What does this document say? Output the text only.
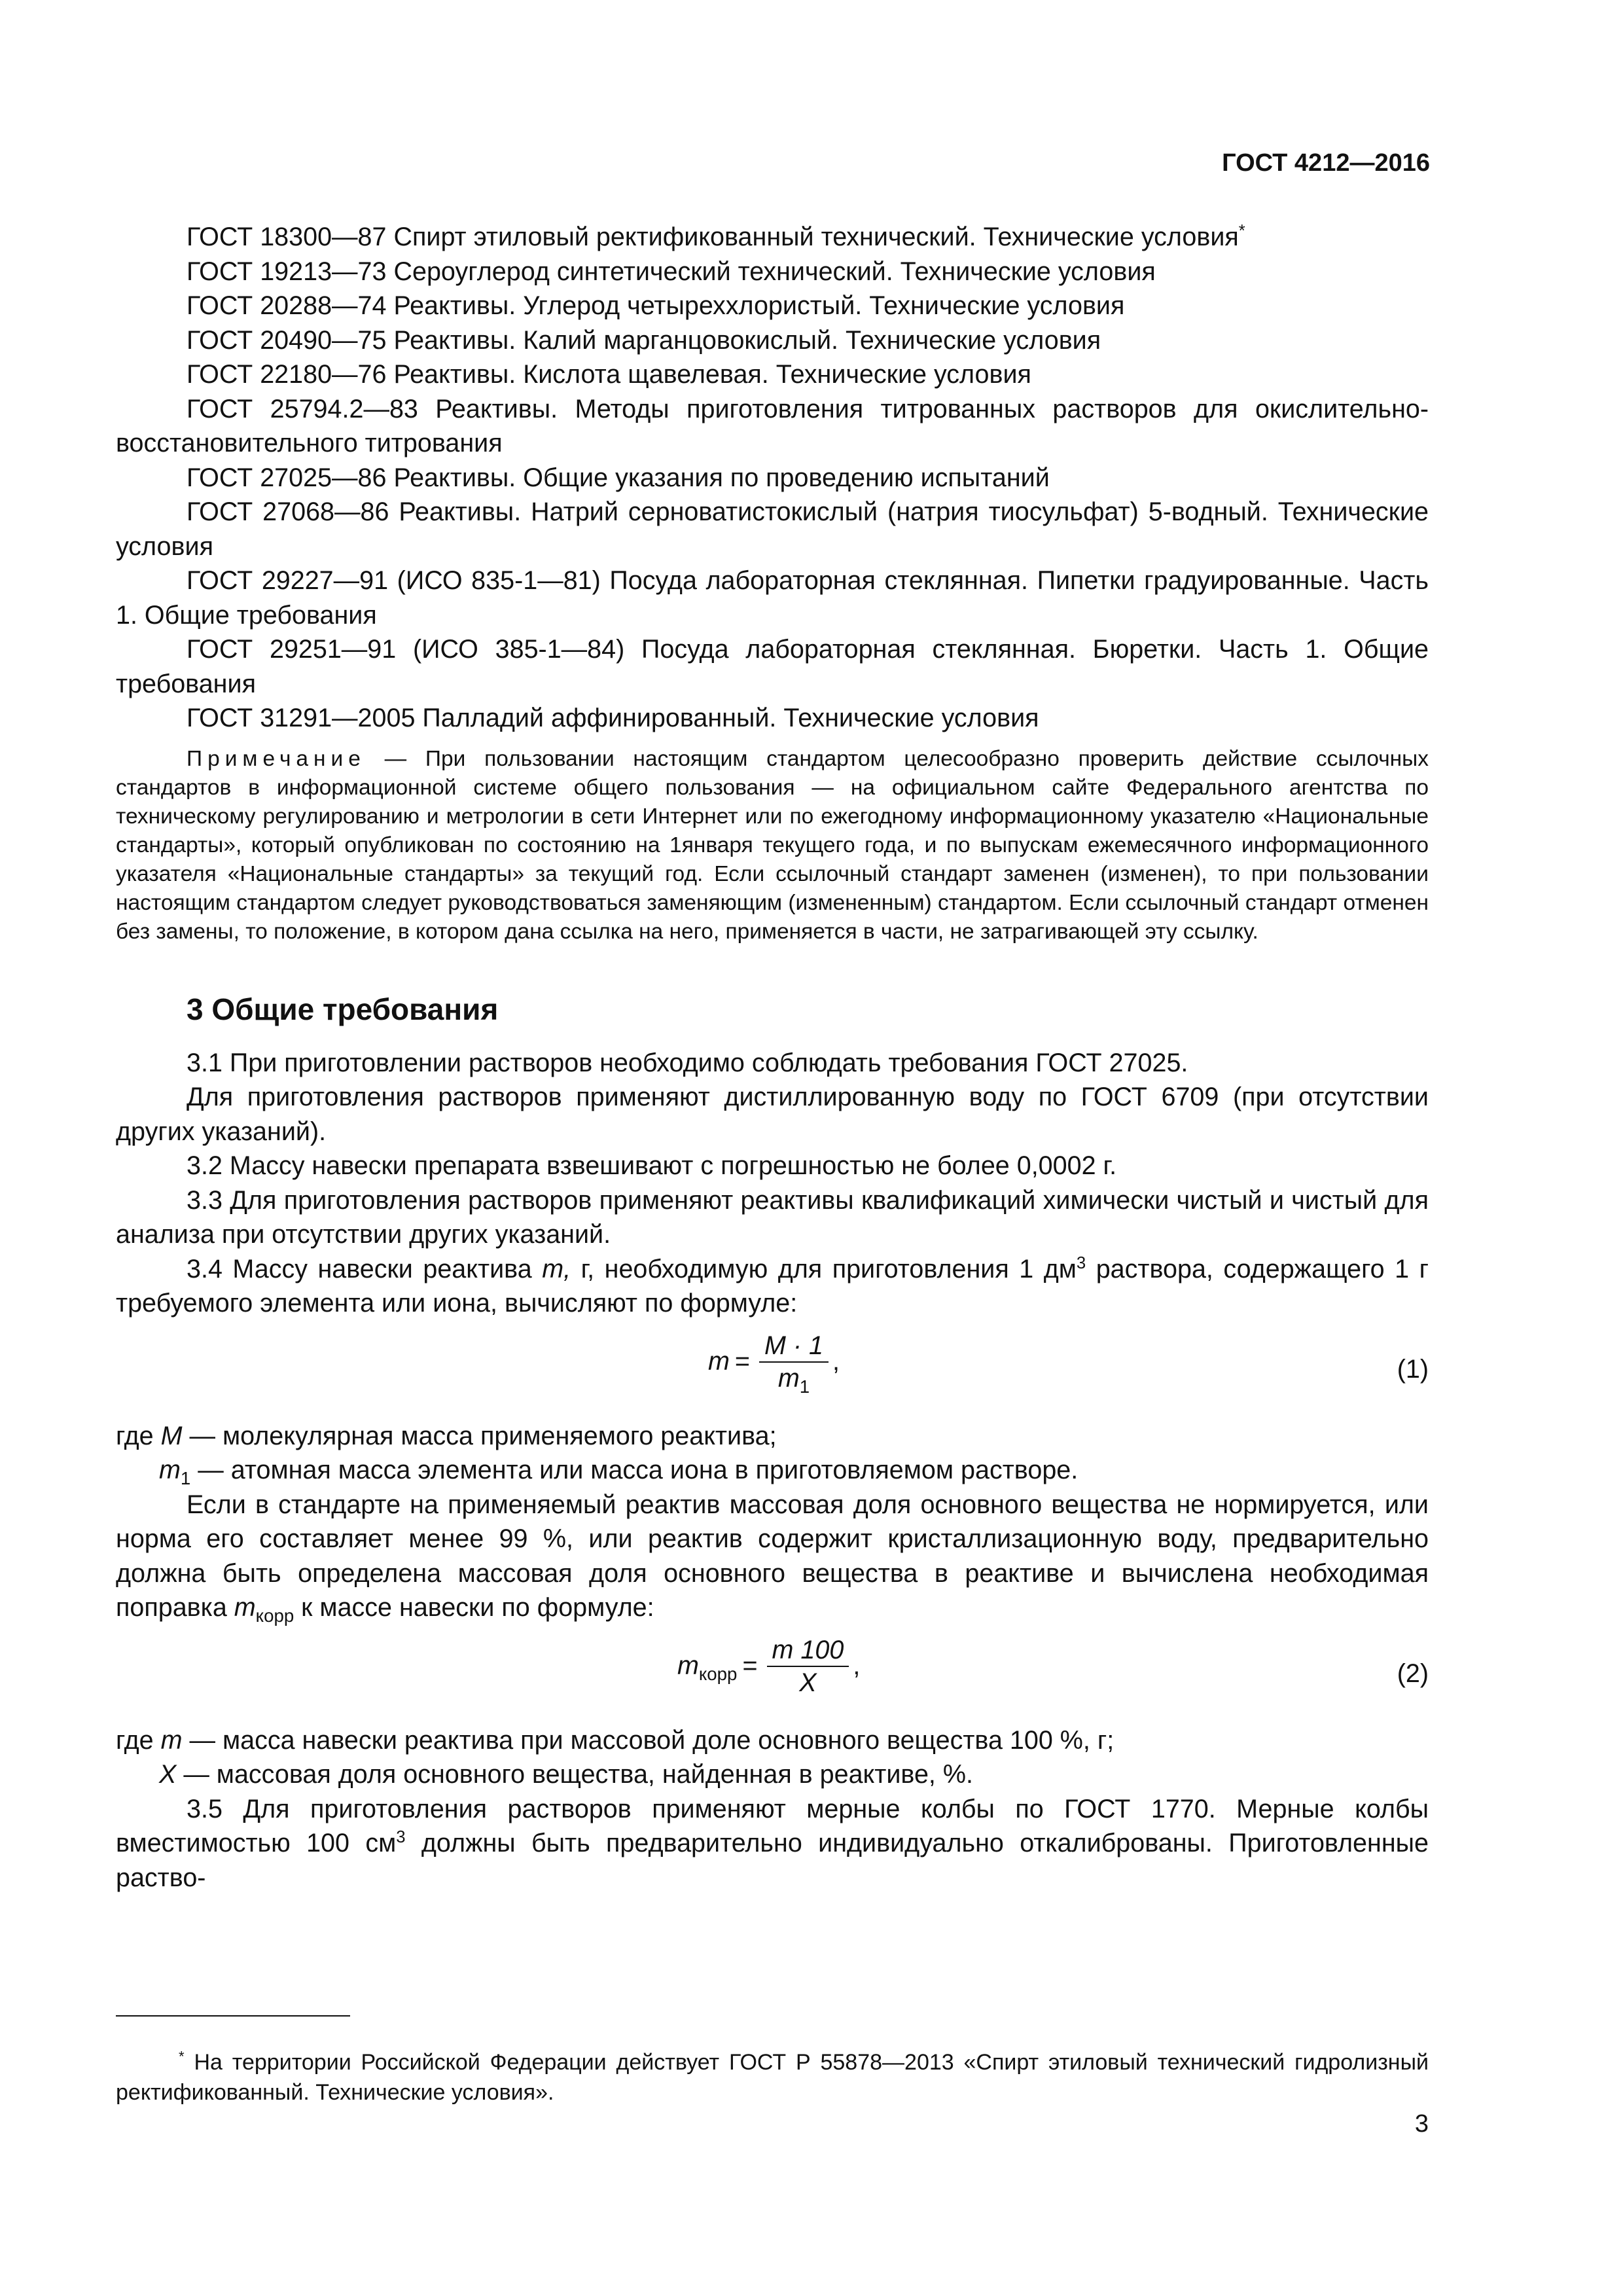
ГОСТ 4212—2016

ГОСТ 18300—87 Спирт этиловый ректификованный технический. Технические условия*

ГОСТ 19213—73 Сероуглерод синтетический технический. Технические условия

ГОСТ 20288—74 Реактивы. Углерод четыреххлористый. Технические условия

ГОСТ 20490—75 Реактивы. Калий марганцовокислый. Технические условия

ГОСТ 22180—76 Реактивы. Кислота щавелевая. Технические условия

ГОСТ 25794.2—83 Реактивы. Методы приготовления титрованных растворов для окислительно-восстановительного титрования

ГОСТ 27025—86 Реактивы. Общие указания по проведению испытаний

ГОСТ 27068—86 Реактивы. Натрий серноватистокислый (натрия тиосульфат) 5-водный. Технические условия

ГОСТ 29227—91 (ИСО 835-1—81) Посуда лабораторная стеклянная. Пипетки градуированные. Часть 1. Общие требования

ГОСТ 29251—91 (ИСО 385-1—84) Посуда лабораторная стеклянная. Бюретки. Часть 1. Общие требования

ГОСТ 31291—2005 Палладий аффинированный. Технические условия

Примечание — При пользовании настоящим стандартом целесообразно проверить действие ссылочных стандартов в информационной системе общего пользования — на официальном сайте Федерального агентства по техническому регулированию и метрологии в сети Интернет или по ежегодному информационному указателю «Национальные стандарты», который опубликован по состоянию на 1января текущего года, и по выпускам ежемесячного информационного указателя «Национальные стандарты» за текущий год. Если ссылочный стандарт заменен (изменен), то при пользовании настоящим стандартом следует руководствоваться заменяющим (измененным) стандартом. Если ссылочный стандарт отменен без замены, то положение, в котором дана ссылка на него, применяется в части, не затрагивающей эту ссылку.

3 Общие требования

3.1 При приготовлении растворов необходимо соблюдать требования ГОСТ 27025.

Для приготовления растворов применяют дистиллированную воду по ГОСТ 6709 (при отсутствии других указаний).

3.2 Массу навески препарата взвешивают с погрешностью не более 0,0002 г.

3.3 Для приготовления растворов применяют реактивы квалификаций химически чистый и чистый для анализа при отсутствии других указаний.

3.4 Массу навески реактива m, г, необходимую для приготовления 1 $дм^3$ раствора, содержащего 1 г требуемого элемента или иона, вычисляют по формуле:

$m = \frac{M \cdot 1}{m_1}$ ,	(1)

где M — молекулярная масса применяемого реактива;

$m_1$ — атомная масса элемента или масса иона в приготовляемом растворе.

Если в стандарте на применяемый реактив массовая доля основного вещества не нормируется, или норма его составляет менее 99 %, или реактив содержит кристаллизационную воду, предварительно должна быть определена массовая доля основного вещества в реактиве и вычислена необходимая поправка $m_{корр}$ к массе навески по формуле:

$m_{корр} = \frac{m 100}{X}$ ,	(2)

где m — масса навески реактива при массовой доле основного вещества 100 %, г;

X — массовая доля основного вещества, найденная в реактиве, %.

3.5 Для приготовления растворов применяют мерные колбы по ГОСТ 1770. Мерные колбы вместимостью 100 $см^3$ должны быть предварительно индивидуально откалиброваны. Приготовленные раство-

* На территории Российской Федерации действует ГОСТ Р 55878—2013 «Спирт этиловый технический гидролизный ректификованный. Технические условия».

3
